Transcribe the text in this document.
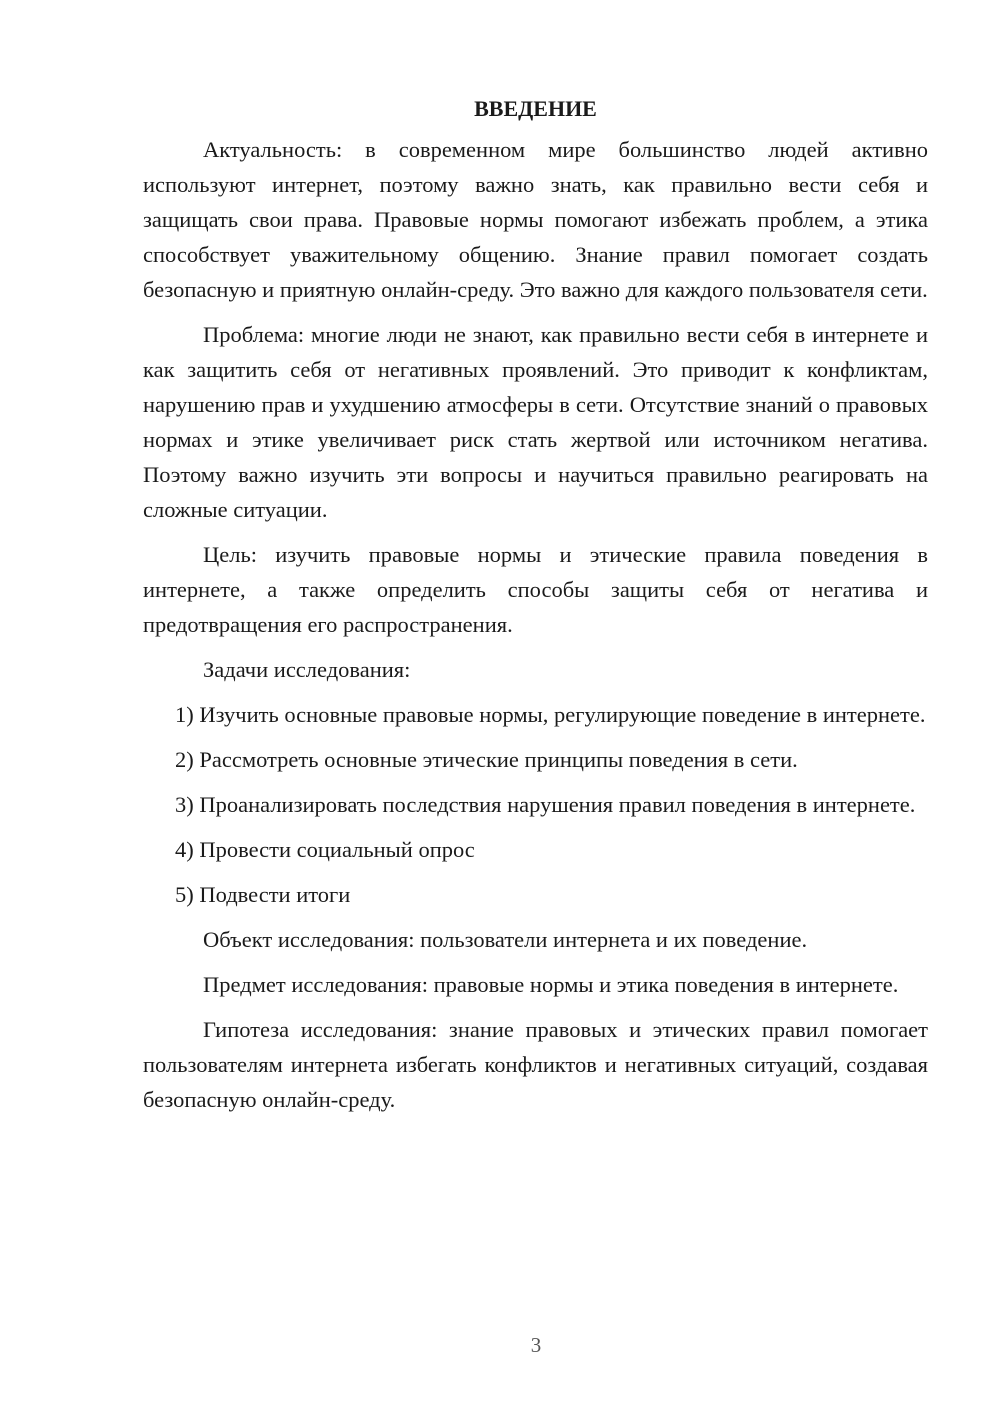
ВВЕДЕНИЕ

Актуальность: в современном мире большинство людей активно используют интернет, поэтому важно знать, как правильно вести себя и защищать свои права. Правовые нормы помогают избежать проблем, а этика способствует уважительному общению. Знание правил помогает создать безопасную и приятную онлайн-среду. Это важно для каждого пользователя сети.

Проблема: многие люди не знают, как правильно вести себя в интернете и как защитить себя от негативных проявлений. Это приводит к конфликтам, нарушению прав и ухудшению атмосферы в сети. Отсутствие знаний о правовых нормах и этике увеличивает риск стать жертвой или источником негатива. Поэтому важно изучить эти вопросы и научиться правильно реагировать на сложные ситуации.

Цель: изучить правовые нормы и этические правила поведения в интернете, а также определить способы защиты себя от негатива и предотвращения его распространения.

Задачи исследования:

1) Изучить основные правовые нормы, регулирующие поведение в интернете.

2) Рассмотреть основные этические принципы поведения в сети.

3) Проанализировать последствия нарушения правил поведения в интернете.

4) Провести социальный опрос

5) Подвести итоги

Объект исследования: пользователи интернета и их поведение.

Предмет исследования: правовые нормы и этика поведения в интернете.

Гипотеза исследования: знание правовых и этических правил помогает пользователям интернета избегать конфликтов и негативных ситуаций, создавая безопасную онлайн-среду.

3
